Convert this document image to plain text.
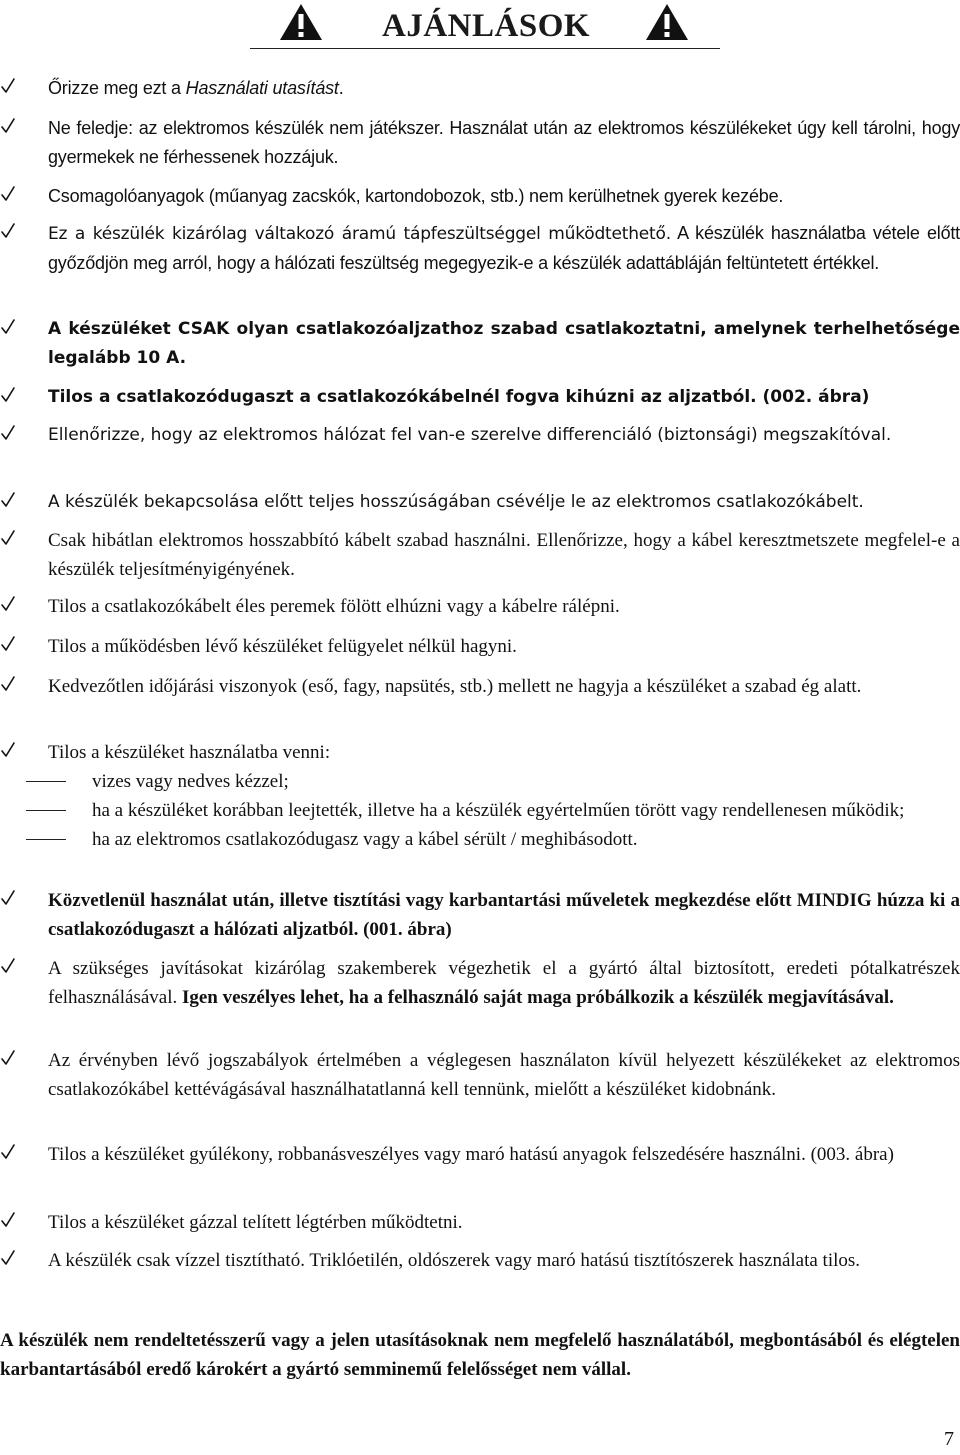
AJÁNLÁSOK
Őrizze meg ezt a Használati utasítást.
Ne feledje: az elektromos készülék nem játékszer. Használat után az elektromos készülékeket úgy kell tárolni, hogy gyermekek ne férhessenek hozzájuk.
Csomagolóanyagok (műanyag zacskók, kartondobozok, stb.) nem kerülhetnek gyerek kezébe.
Ez a készülék kizárólag váltakozó áramú tápfeszültséggel működtethető. A készülék használatba vétele előtt győződjön meg arról, hogy a hálózati feszültség megegyezik-e a készülék adattábláján feltüntetett értékkel.
A készüléket CSAK olyan csatlakozóaljzathoz szabad csatlakoztatni, amelynek terhelhetősége legalább 10 A.
Tilos a csatlakozódugaszt a csatlakozókábelnél fogva kihúzni az aljzatból. (002. ábra)
Ellenőrizze, hogy az elektromos hálózat fel van-e szerelve differenciáló (biztonsági) megszakítóval.
A készülék bekapcsolása előtt teljes hosszúságában csévélje le az elektromos csatlakozókábelt.
Csak hibátlan elektromos hosszabbító kábelt szabad használni. Ellenőrizze, hogy a kábel keresztmetszete megfelel-e a készülék teljesítményigényének.
Tilos a csatlakozókábelt éles peremek fölött elhúzni vagy a kábelre rálépni.
Tilos a működésben lévő készüléket felügyelet nélkül hagyni.
Kedvezőtlen időjárási viszonyok (eső, fagy, napsütés, stb.) mellett ne hagyja a készüléket a szabad ég alatt.
Tilos a készüléket használatba venni:
vizes vagy nedves kézzel;
ha a készüléket korábban leejtették, illetve ha a készülék egyértelműen törött vagy rendellenesen működik;
ha az elektromos csatlakozódugasz vagy a kábel sérült / meghibásodott.
Közvetlenül használat után, illetve tisztítási vagy karbantartási műveletek megkezdése előtt MINDIG húzza ki a csatlakozódugaszt a hálózati aljzatból. (001. ábra)
A szükséges javításokat kizárólag szakemberek végezhetik el a gyártó által biztosított, eredeti pótalkatrészek felhasználásával. Igen veszélyes lehet, ha a felhasználó saját maga próbálkozik a készülék megjavításával.
Az érvényben lévő jogszabályok értelmében a véglegesen használaton kívül helyezett készülékeket az elektromos csatlakozókábel kettévágásával használhatatlanná kell tennünk, mielőtt a készüléket kidobnánk.
Tilos a készüléket gyúlékony, robbanásveszélyes vagy maró hatású anyagok felszedésére használni. (003. ábra)
Tilos a készüléket gázzal telített légtérben működtetni.
A készülék csak vízzel tisztítható. Triklóetilén, oldószerek vagy maró hatású tisztítószerek használata tilos.
A készülék nem rendeltetésszerű vagy a jelen utasításoknak nem megfelelő használatából, megbontásából és elégtelen karbantartásából eredő károkért a gyártó semminemű felelősséget nem vállal.
7
